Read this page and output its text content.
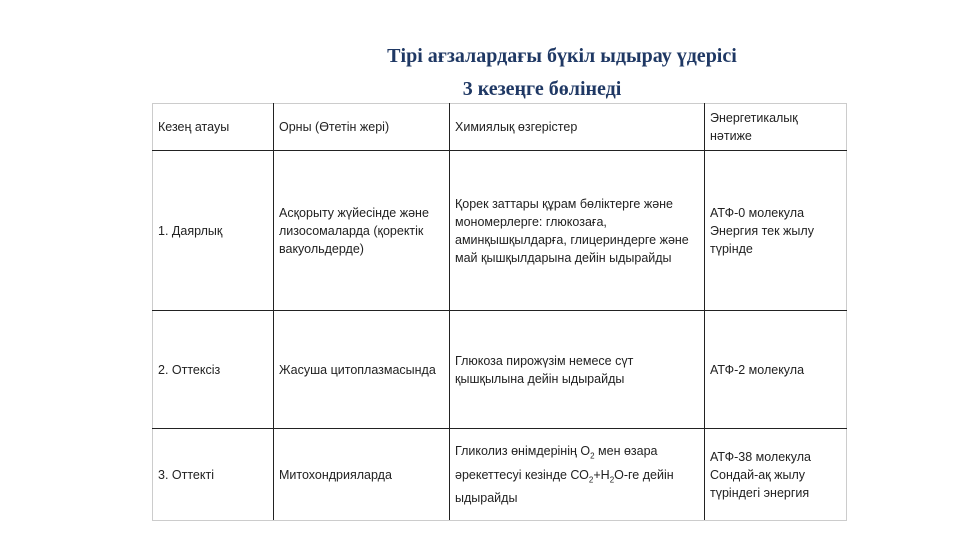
Тірі ағзалардағы бүкіл ыдырау үдерісі
3 кезеңге бөлінеді
Кезең атауы	Орны (Өтетін жері)	Химиялық өзгерістер	Энергетикалық нәтиже
1. Даярлық	Асқорыту жүйесінде және лизосомаларда (қоректік вакуольдерде)	Қорек заттары құрам бөліктерге және мономерлерге: глюкозаға, аминқышқылдарға, глицериндерге және май қышқылдарына дейін ыдырайды	АТФ-0 молекула Энергия тек жылу түрінде
2. Оттексіз	Жасуша цитоплазмасында	Глюкоза пирожүзім немесе сүт қышқылына дейін ыдырайды	АТФ-2 молекула
3. Оттекті	Митохондрияларда	Гликолиз өнімдерінің $О_2$ мен өзара әрекеттесуі кезінде $СО_2+Н_2О-ге$ дейін ыдырайды	АТФ-38 молекула Сондай-ақ жылу түріндегі энергия
